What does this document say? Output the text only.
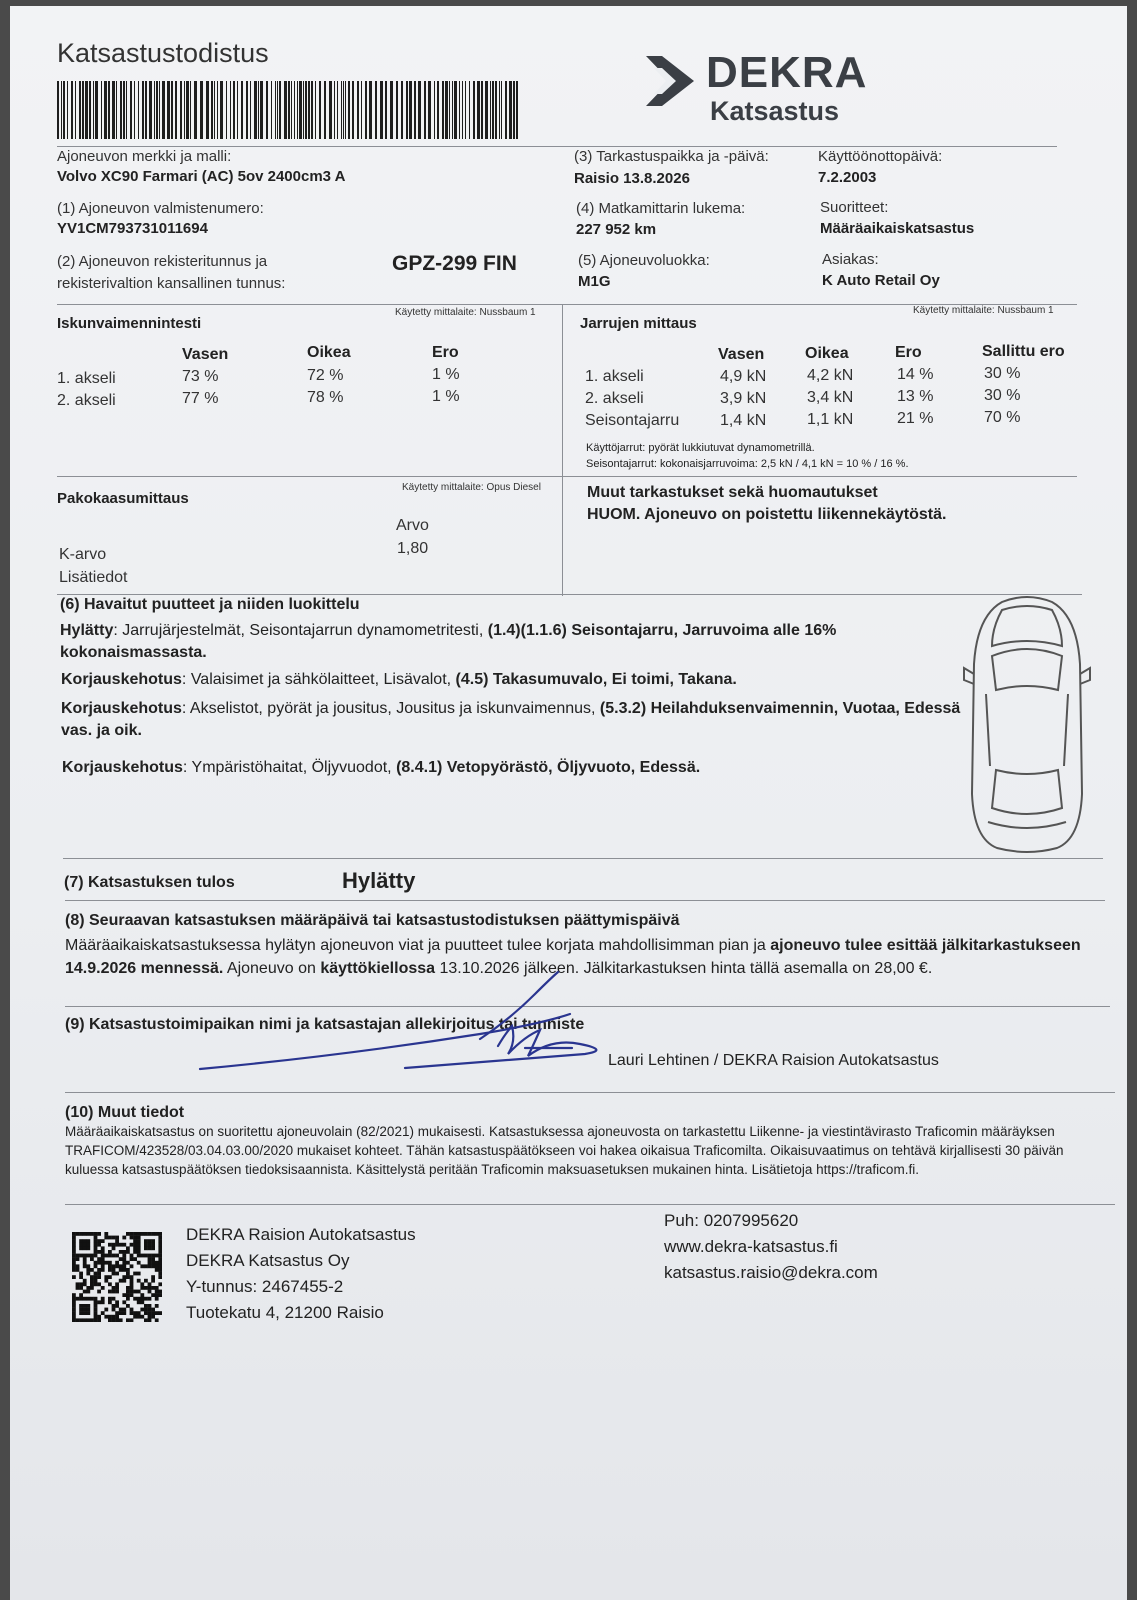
Katsastustodistus	DEKRA
Katsastus
Ajoneuvon merkki ja malli:
Volvo XC90 Farmari (AC) 5ov 2400cm3 A
(1) Ajoneuvon valmistenumero:
YV1CM793731011694
(2) Ajoneuvon rekisteritunnus ja
rekisterivaltion kansallinen tunnus:
GPZ-299 FIN
(3) Tarkastuspaikka ja -päivä:
Raisio 13.8.2026
(4) Matkamittarin lukema:
227 952 km
(5) Ajoneuvoluokka:
M1G
Käyttöönottopäivä:
7.2.2003
Suoritteet:
Määräaikaiskatsastus
Asiakas:
K Auto Retail Oy
Iskunvaimennintesti
Käytetty mittalaite: Nussbaum 1
Vasen	Oikea	Ero
1. akseli	73 %	72 %	1 %
2. akseli	77 %	78 %	1 %
Jarrujen mittaus
Käytetty mittalaite: Nussbaum 1
Vasen	Oikea	Ero	Sallittu ero
1. akseli	4,9 kN	4,2 kN	14 %	30 %
2. akseli	3,9 kN	3,4 kN	13 %	30 %
Seisontajarru	1,4 kN	1,1 kN	21 %	70 %
Käyttöjarrut: pyörät lukkiutuvat dynamometrillä.
Seisontajarrut: kokonaisjarruvoima: 2,5 kN / 4,1 kN = 10 % / 16 %.
Pakokaasumittaus
Käytetty mittalaite: Opus Diesel
Arvo
K-arvo	1,80
Lisätiedot
Muut tarkastukset sekä huomautukset
HUOM. Ajoneuvo on poistettu liikennekäytöstä.
(6) Havaitut puutteet ja niiden luokittelu
Hylätty: Jarrujärjestelmät, Seisontajarrun dynamometritesti, (1.4)(1.1.6) Seisontajarru, Jarruvoima alle 16% kokonaismassasta.
Korjauskehotus: Valaisimet ja sähkölaitteet, Lisävalot, (4.5) Takasumuvalo, Ei toimi, Takana.
Korjauskehotus: Akselistot, pyörät ja jousitus, Jousitus ja iskunvaimennus, (5.3.2) Heilahduksenvaimennin, Vuotaa, Edessä vas. ja oik.
Korjauskehotus: Ympäristöhaitat, Öljyvuodot, (8.4.1) Vetopyörästö, Öljyvuoto, Edessä.
(7) Katsastuksen tulos	Hylätty
(8) Seuraavan katsastuksen määräpäivä tai katsastustodistuksen päättymispäivä
Määräaikaiskatsastuksessa hylätyn ajoneuvon viat ja puutteet tulee korjata mahdollisimman pian ja ajoneuvo tulee esittää jälkitarkastukseen 14.9.2026 mennessä. Ajoneuvo on käyttökiellossa 13.10.2026 jälkeen. Jälkitarkastuksen hinta tällä asemalla on 28,00 €.
(9) Katsastustoimipaikan nimi ja katsastajan allekirjoitus tai tunniste
Lauri Lehtinen / DEKRA Raision Autokatsastus
(10) Muut tiedot
Määräaikaiskatsastus on suoritettu ajoneuvolain (82/2021) mukaisesti. Katsastuksessa ajoneuvosta on tarkastettu Liikenne- ja viestintävirasto Traficomin määräyksen TRAFICOM/423528/03.04.03.00/2020 mukaiset kohteet. Tähän katsastuspäätökseen voi hakea oikaisua Traficomilta. Oikaisuvaatimus on tehtävä kirjallisesti 30 päivän kuluessa katsastuspäätöksen tiedoksisaannista. Käsittelystä peritään Traficomin maksuasetuksen mukainen hinta. Lisätietoja https://traficom.fi.
DEKRA Raision Autokatsastus
DEKRA Katsastus Oy
Y-tunnus: 2467455-2
Tuotekatu 4, 21200 Raisio
Puh: 0207995620
www.dekra-katsastus.fi
katsastus.raisio@dekra.com
